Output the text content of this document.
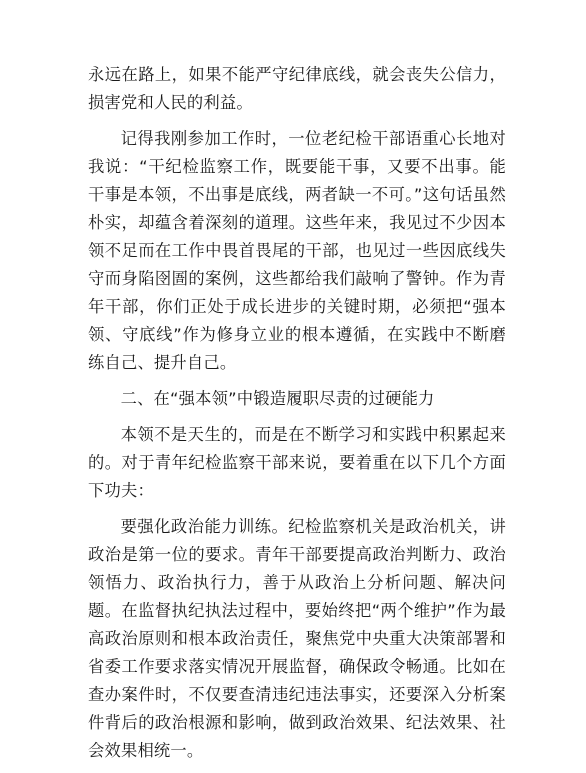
永远在路上，如果不能严守纪律底线，就会丧失公信力，损害党和人民的利益。

记得我刚参加工作时，一位老纪检干部语重心长地对我说：“干纪检监察工作，既要能干事，又要不出事。能干事是本领，不出事是底线，两者缺一不可。”这句话虽然朴实，却蕴含着深刻的道理。这些年来，我见过不少因本领不足而在工作中畏首畏尾的干部，也见过一些因底线失守而身陷囹圄的案例，这些都给我们敲响了警钟。作为青年干部，你们正处于成长进步的关键时期，必须把“强本领、守底线”作为修身立业的根本遵循，在实践中不断磨练自己、提升自己。

二、在“强本领”中锻造履职尽责的过硬能力

本领不是天生的，而是在不断学习和实践中积累起来的。对于青年纪检监察干部来说，要着重在以下几个方面下功夫：

要强化政治能力训练。纪检监察机关是政治机关，讲政治是第一位的要求。青年干部要提高政治判断力、政治领悟力、政治执行力，善于从政治上分析问题、解决问题。在监督执纪执法过程中，要始终把“两个维护”作为最高政治原则和根本政治责任，聚焦党中央重大决策部署和省委工作要求落实情况开展监督，确保政令畅通。比如在查办案件时，不仅要查清违纪违法事实，还要深入分析案件背后的政治根源和影响，做到政治效果、纪法效果、社会效果相统一。
